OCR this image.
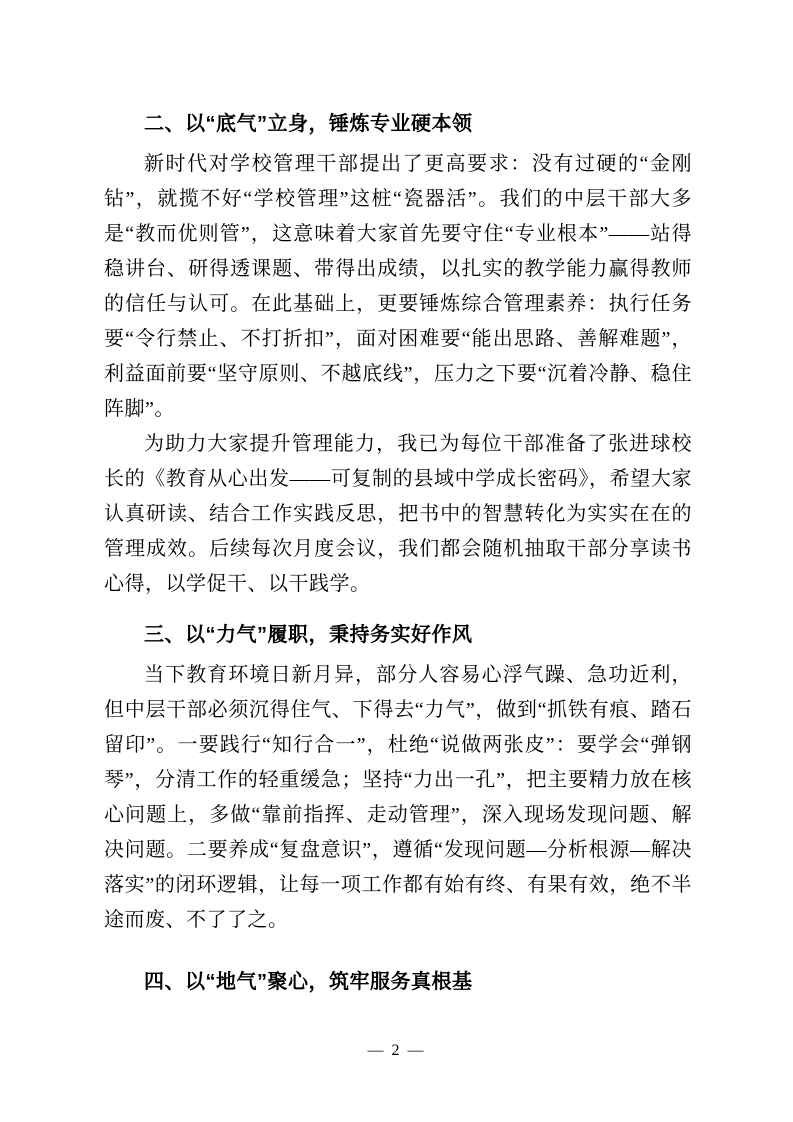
二、以“底气”立身，锤炼专业硬本领

新时代对学校管理干部提出了更高要求：没有过硬的“金刚钻”，就揽不好“学校管理”这桩“瓷器活”。我们的中层干部大多是“教而优则管”，这意味着大家首先要守住“专业根本”——站得稳讲台、研得透课题、带得出成绩，以扎实的教学能力赢得教师的信任与认可。在此基础上，更要锤炼综合管理素养：执行任务要“令行禁止、不打折扣”，面对困难要“能出思路、善解难题”，利益面前要“坚守原则、不越底线”，压力之下要“沉着冷静、稳住阵脚”。

为助力大家提升管理能力，我已为每位干部准备了张进球校长的《教育从心出发——可复制的县域中学成长密码》，希望大家认真研读、结合工作实践反思，把书中的智慧转化为实实在在的管理成效。后续每次月度会议，我们都会随机抽取干部分享读书心得，以学促干、以干践学。

三、以“力气”履职，秉持务实好作风

当下教育环境日新月异，部分人容易心浮气躁、急功近利，但中层干部必须沉得住气、下得去“力气”，做到“抓铁有痕、踏石留印”。一要践行“知行合一”，杜绝“说做两张皮”：要学会“弹钢琴”，分清工作的轻重缓急；坚持“力出一孔”，把主要精力放在核心问题上，多做“靠前指挥、走动管理”，深入现场发现问题、解决问题。二要养成“复盘意识”，遵循“发现问题—分析根源—解决落实”的闭环逻辑，让每一项工作都有始有终、有果有效，绝不半途而废、不了了之。

四、以“地气”聚心，筑牢服务真根基
— 2 —
